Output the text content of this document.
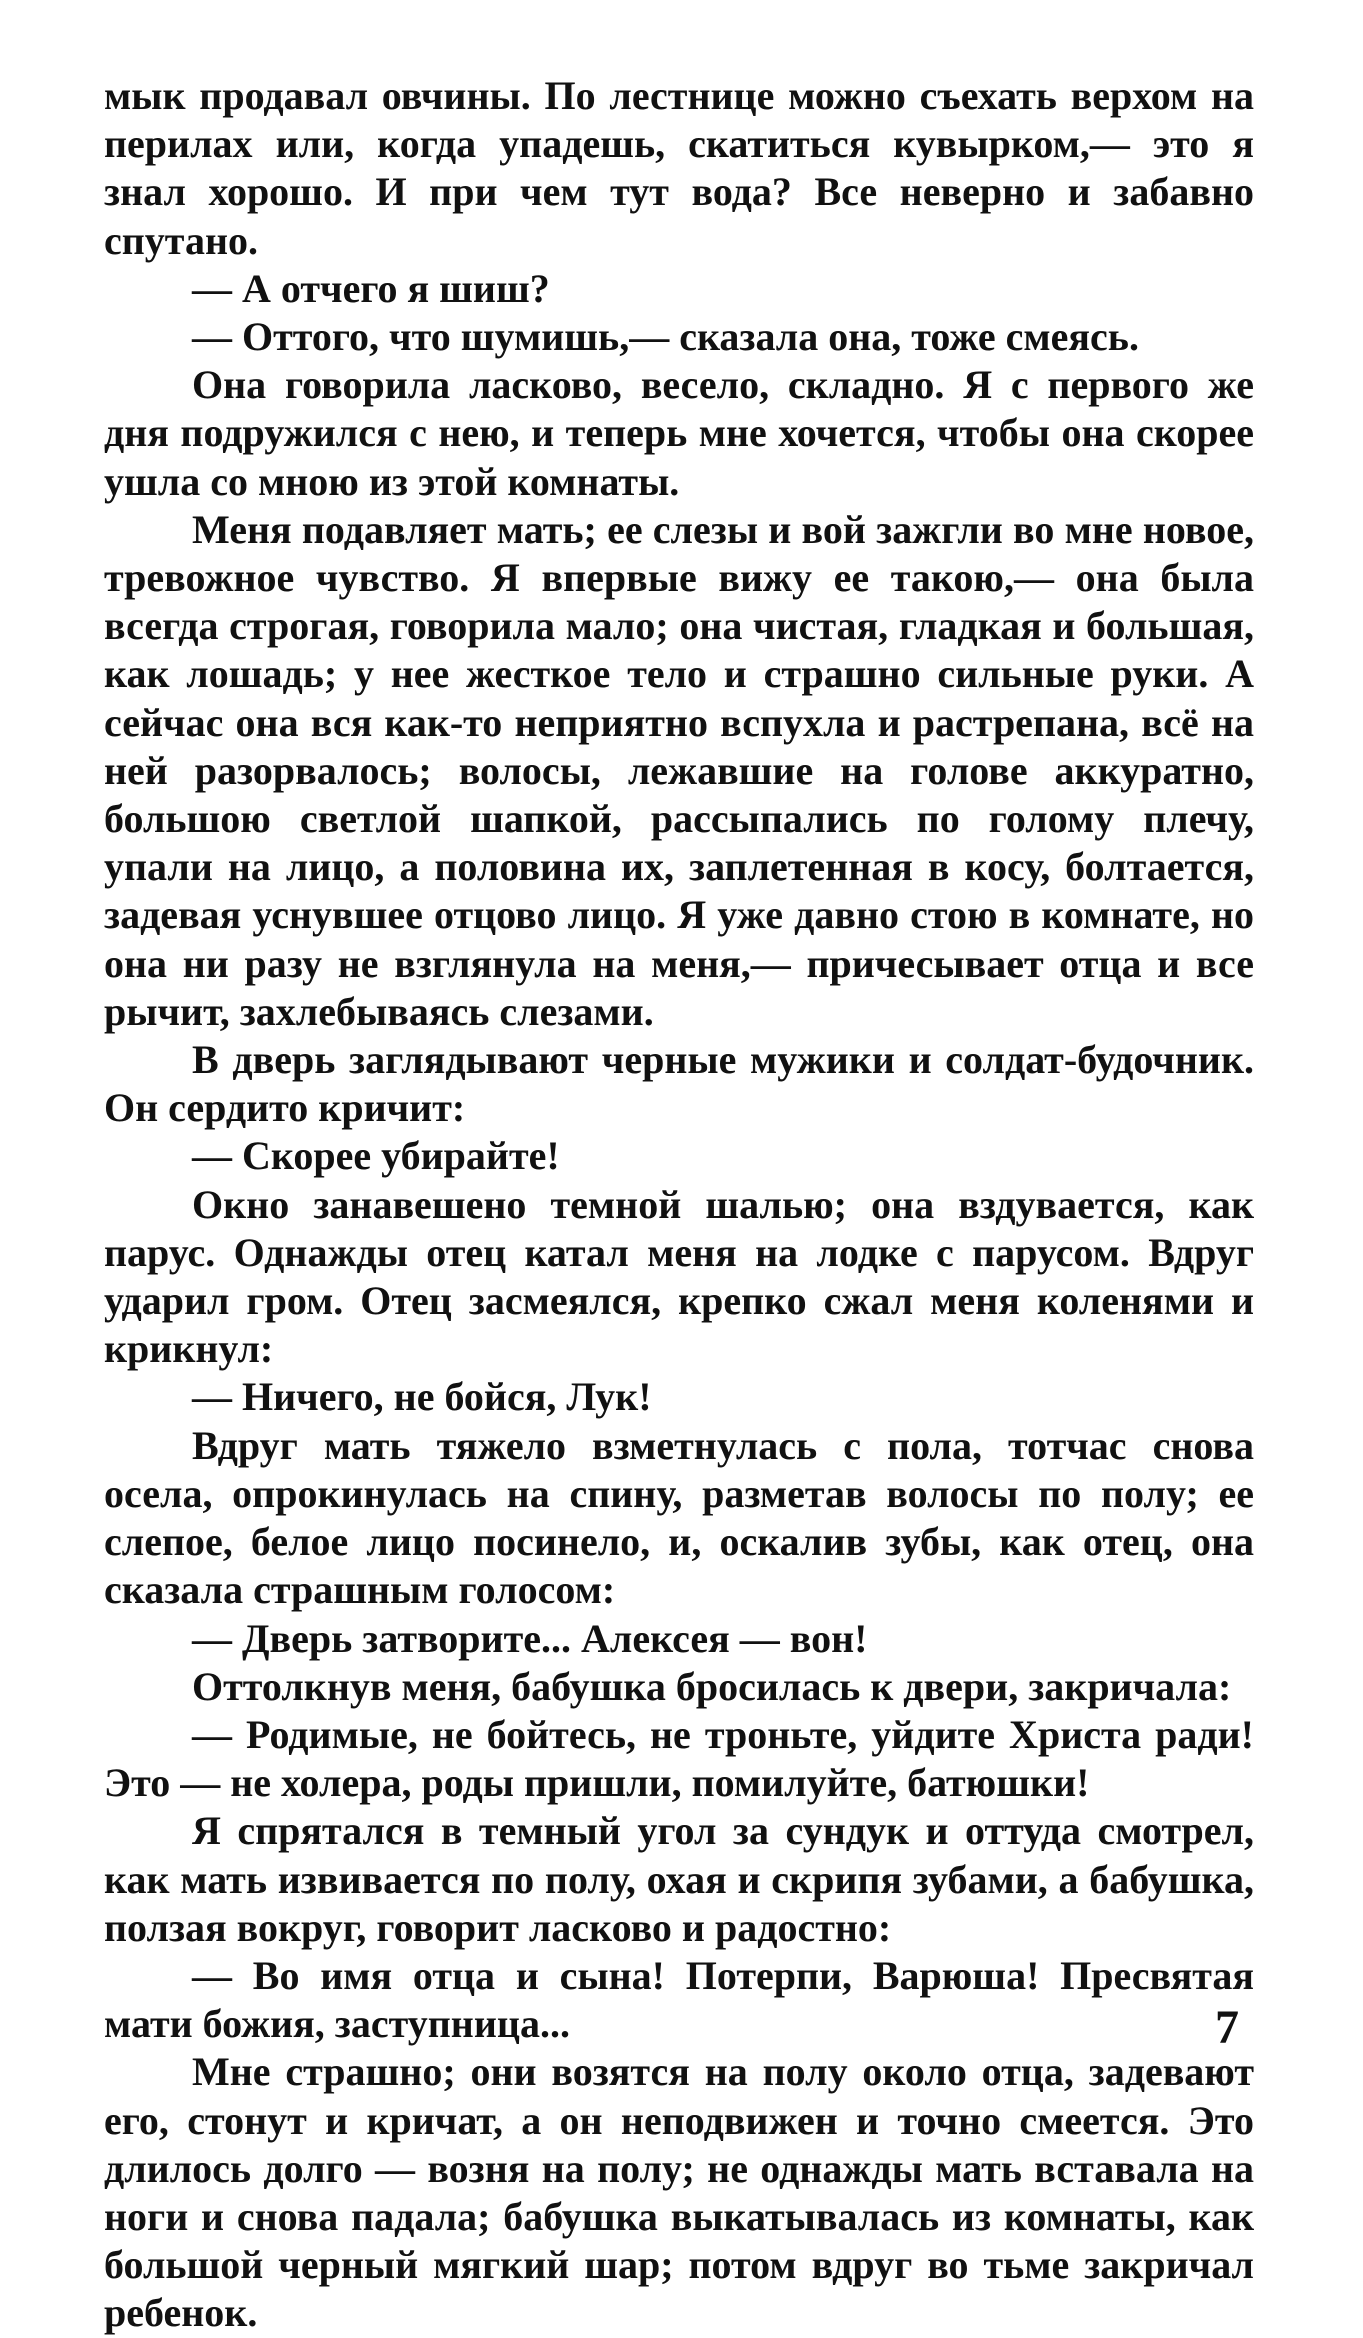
мык продавал овчины. По лестнице можно съехать верхом на перилах или, когда упадешь, скатиться кувырком,— это я знал хорошо. И при чем тут вода? Все неверно и забавно спутано.

— А отчего я шиш?

— Оттого, что шумишь,— сказала она, тоже смеясь.

Она говорила ласково, весело, складно. Я с первого же дня подружился с нею, и теперь мне хочется, чтобы она скорее ушла со мною из этой комнаты.

Меня подавляет мать; ее слезы и вой зажгли во мне новое, тревожное чувство. Я впервые вижу ее такою,— она была всегда строгая, говорила мало; она чистая, гладкая и большая, как лошадь; у нее жесткое тело и страшно сильные руки. А сейчас она вся как-то неприятно вспухла и растрепана, всё на ней разорвалось; волосы, лежавшие на голове аккуратно, большою светлой шапкой, рассыпались по голому плечу, упали на лицо, а половина их, заплетенная в косу, болтается, задевая уснувшее отцово лицо. Я уже давно стою в комнате, но она ни разу не взглянула на меня,— причесывает отца и все рычит, захлебываясь слезами.

В дверь заглядывают черные мужики и солдат-будочник. Он сердито кричит:

— Скорее убирайте!

Окно занавешено темной шалью; она вздувается, как парус. Однажды отец катал меня на лодке с парусом. Вдруг ударил гром. Отец засмеялся, крепко сжал меня коленями и крикнул:

— Ничего, не бойся, Лук!

Вдруг мать тяжело взметнулась с пола, тотчас снова осела, опрокинулась на спину, разметав волосы по полу; ее слепое, белое лицо посинело, и, оскалив зубы, как отец, она сказала страшным голосом:

— Дверь затворите... Алексея — вон!

Оттолкнув меня, бабушка бросилась к двери, закричала:

— Родимые, не бойтесь, не троньте, уйдите Христа ради! Это — не холера, роды пришли, помилуйте, батюшки!

Я спрятался в темный угол за сундук и оттуда смотрел, как мать извивается по полу, охая и скрипя зубами, а бабушка, ползая вокруг, говорит ласково и радостно:

— Во имя отца и сына! Потерпи, Варюша! Пресвятая мати божия, заступница...

Мне страшно; они возятся на полу около отца, задевают его, стонут и кричат, а он неподвижен и точно смеется. Это длилось долго — возня на полу; не однажды мать вставала на ноги и снова падала; бабушка выкатывалась из комнаты, как большой черный мягкий шар; потом вдруг во тьме закричал ребенок.

7
